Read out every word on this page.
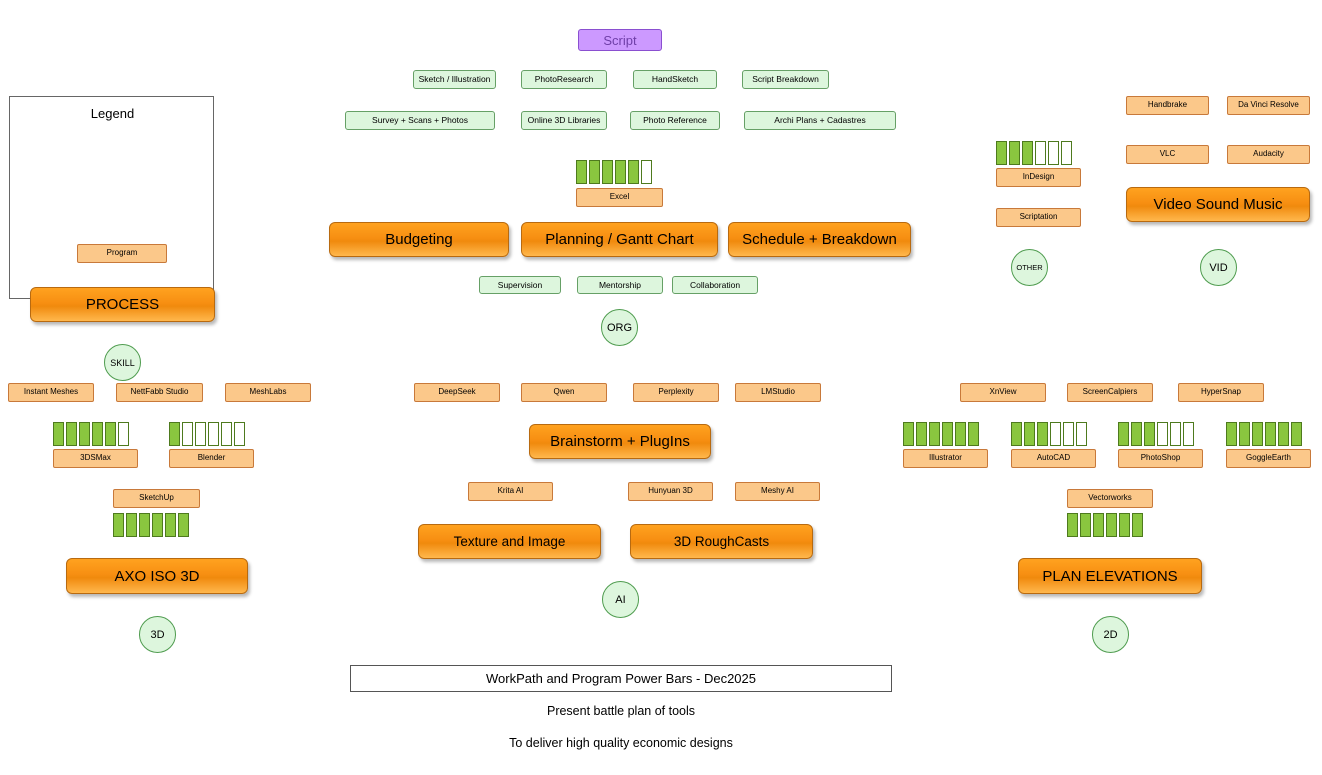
Legend
Program
PROCESS
SKILL
Script
Sketch / Illustration	PhotoResearch	HandSketch	Script Breakdown
Survey + Scans + Photos	Online 3D Libraries	Photo Reference	Archi Plans + Cadastres
Excel
Budgeting	Planning / Gantt Chart	Schedule + Breakdown
Supervision	Mentorship	Collaboration
ORG
InDesign
Scriptation
OTHER
Handbrake	Da Vinci Resolve
VLC	Audacity
Video Sound Music
VID
Instant Meshes	NettFabb Studio	MeshLabs
3DSMax	Blender
SketchUp
AXO ISO 3D
3D
DeepSeek	Qwen	Perplexity	LMStudio
Brainstorm + PlugIns
Krita AI	Hunyuan 3D	Meshy AI
Texture and Image	3D RoughCasts
AI
XnView	ScreenCalpiers	HyperSnap
Illustrator	AutoCAD	PhotoShop	GoggleEarth
Vectorworks
PLAN ELEVATIONS
2D
WorkPath and Program Power Bars - Dec2025
Present battle plan of tools
To deliver high quality economic designs
